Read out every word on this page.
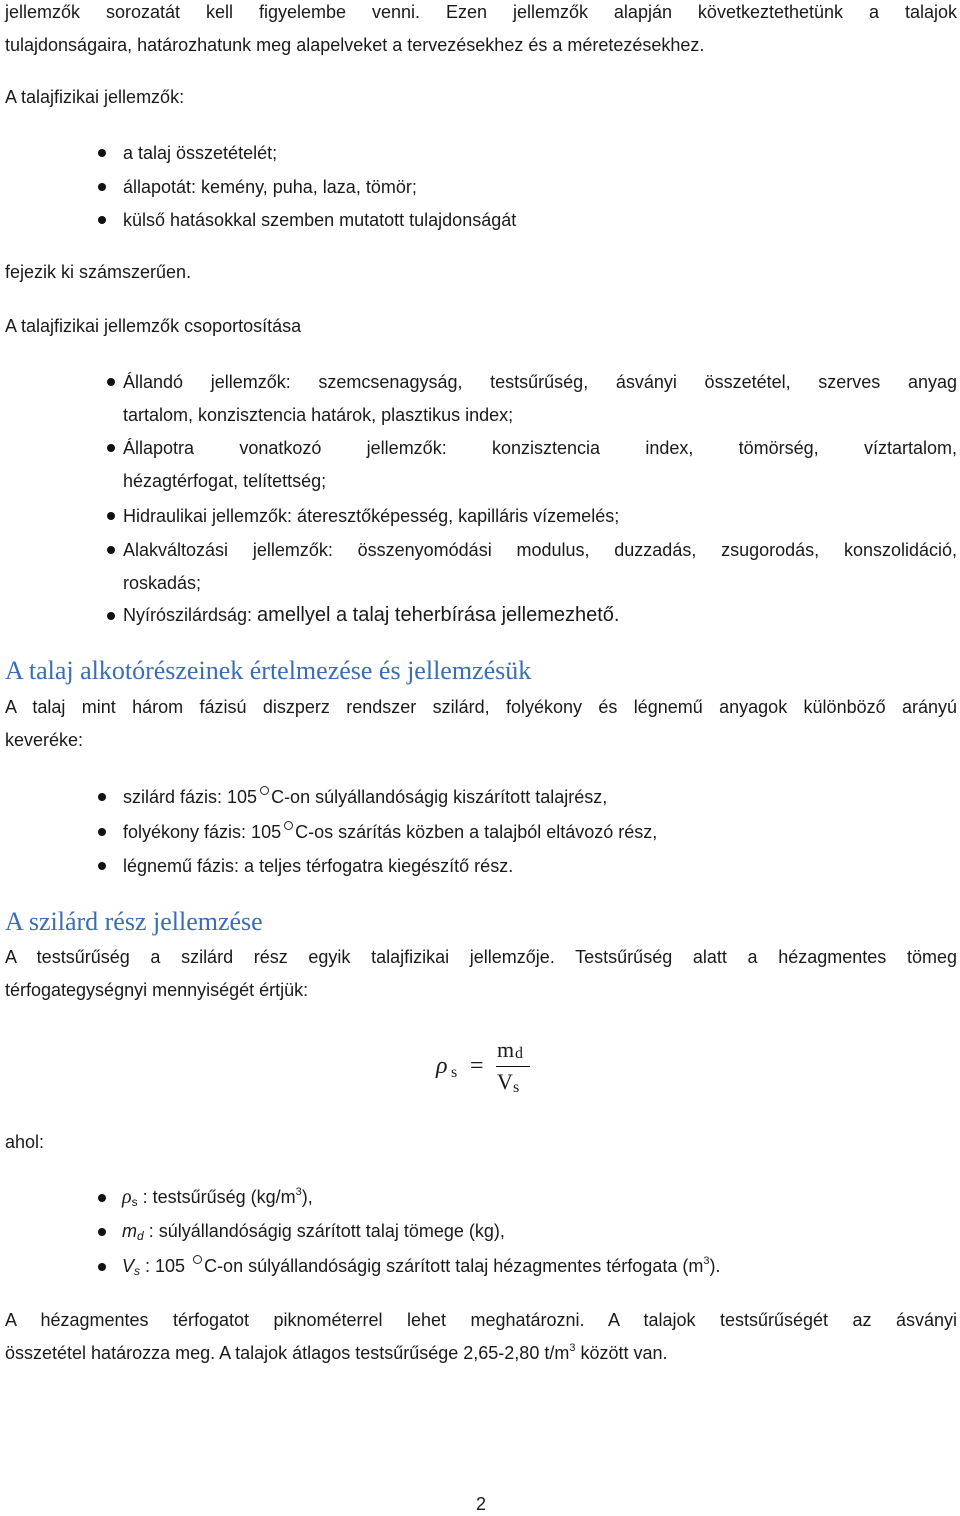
jellemzők sorozatát kell figyelembe venni. Ezen jellemzők alapján következtethetünk a talajok
tulajdonságaira, határozhatunk meg alapelveket a tervezésekhez és a méretezésekhez.
A talajfizikai jellemzők:
a talaj összetételét;
állapotát: kemény, puha, laza, tömör;
külső hatásokkal szemben mutatott tulajdonságát
fejezik ki számszerűen.
A talajfizikai jellemzők csoportosítása
Állandó jellemzők: szemcsenagyság, testsűrűség, ásványi összetétel, szerves anyag
tartalom, konzisztencia határok, plasztikus index;
Állapotra vonatkozó jellemzők: konzisztencia index, tömörség, víztartalom,
hézagtérfogat, telítettség;
Hidraulikai jellemzők: áteresztőképesség, kapilláris vízemelés;
Alakváltozási jellemzők: összenyomódási modulus, duzzadás, zsugorodás, konszolidáció,
roskadás;
Nyírószilárdság: amellyel a talaj teherbírása jellemezhető.
A talaj alkotórészeinek értelmezése és jellemzésük
A talaj mint három fázisú diszperz rendszer szilárd, folyékony és légnemű anyagok különböző arányú
keveréke:
szilárd fázis: 105 C-on súlyállandóságig kiszárított talajrész,
folyékony fázis: 105 C-os szárítás közben a talajból eltávozó rész,
légnemű fázis: a teljes térfogatra kiegészítő rész.
A szilárd rész jellemzése
A testsűrűség a szilárd rész egyik talajfizikai jellemzője. Testsűrűség alatt a hézagmentes tömeg
térfogategységnyi mennyiségét értjük:
ρ s =
m d
V s
ahol:
$\rho_s$ : testsűrűség $(kg/m^3)$,
$m_d$ : súlyállandóságig szárított talaj tömege (kg),
$V_s$ : 105 C-on súlyállandóságig szárított talaj hézagmentes térfogata $(m^3)$.
A hézagmentes térfogatot piknométerrel lehet meghatározni. A talajok testsűrűségét az ásványi
összetétel határozza meg. A talajok átlagos testsűrűsége 2,65-2,80 $t/m^3$ között van.
2
